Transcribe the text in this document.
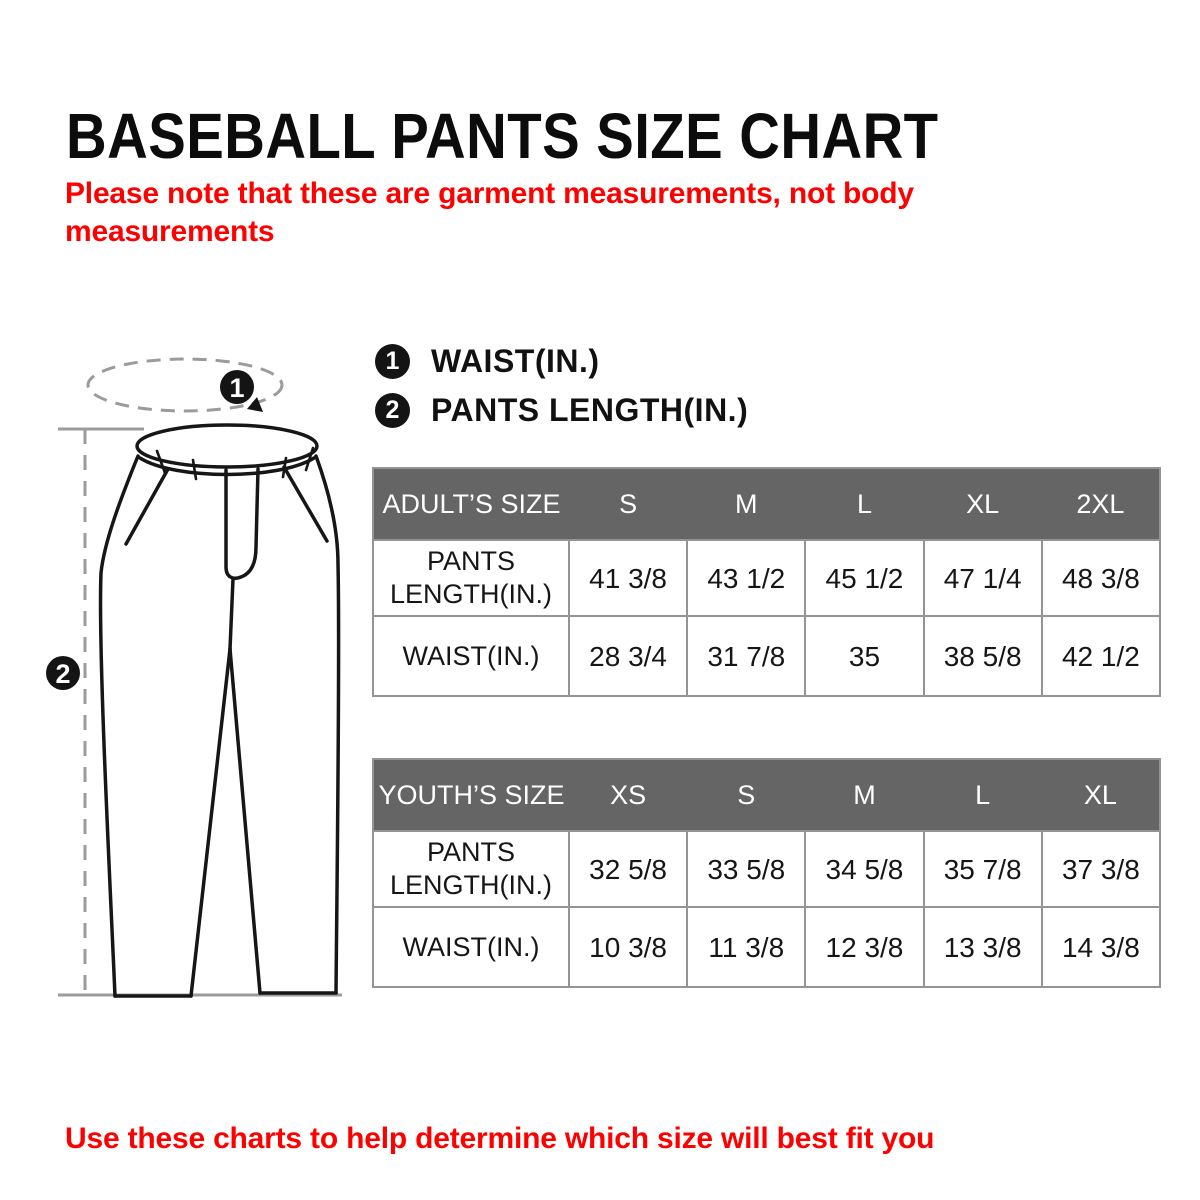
BASEBALL PANTS SIZE CHART
Please note that these are garment measurements, not body
measurements
1
2
1 WAIST(IN.)
2 PANTS LENGTH(IN.)
ADULT’S SIZE	S	M	L	XL	2XL
PANTS LENGTH(IN.)	41 3/8	43 1/2	45 1/2	47 1/4	48 3/8
WAIST(IN.)	28 3/4	31 7/8	35	38 5/8	42 1/2
YOUTH’S SIZE	XS	S	M	L	XL
PANTS LENGTH(IN.)	32 5/8	33 5/8	34 5/8	35 7/8	37 3/8
WAIST(IN.)	10 3/8	11 3/8	12 3/8	13 3/8	14 3/8

Use these charts to help determine which size will best fit you
